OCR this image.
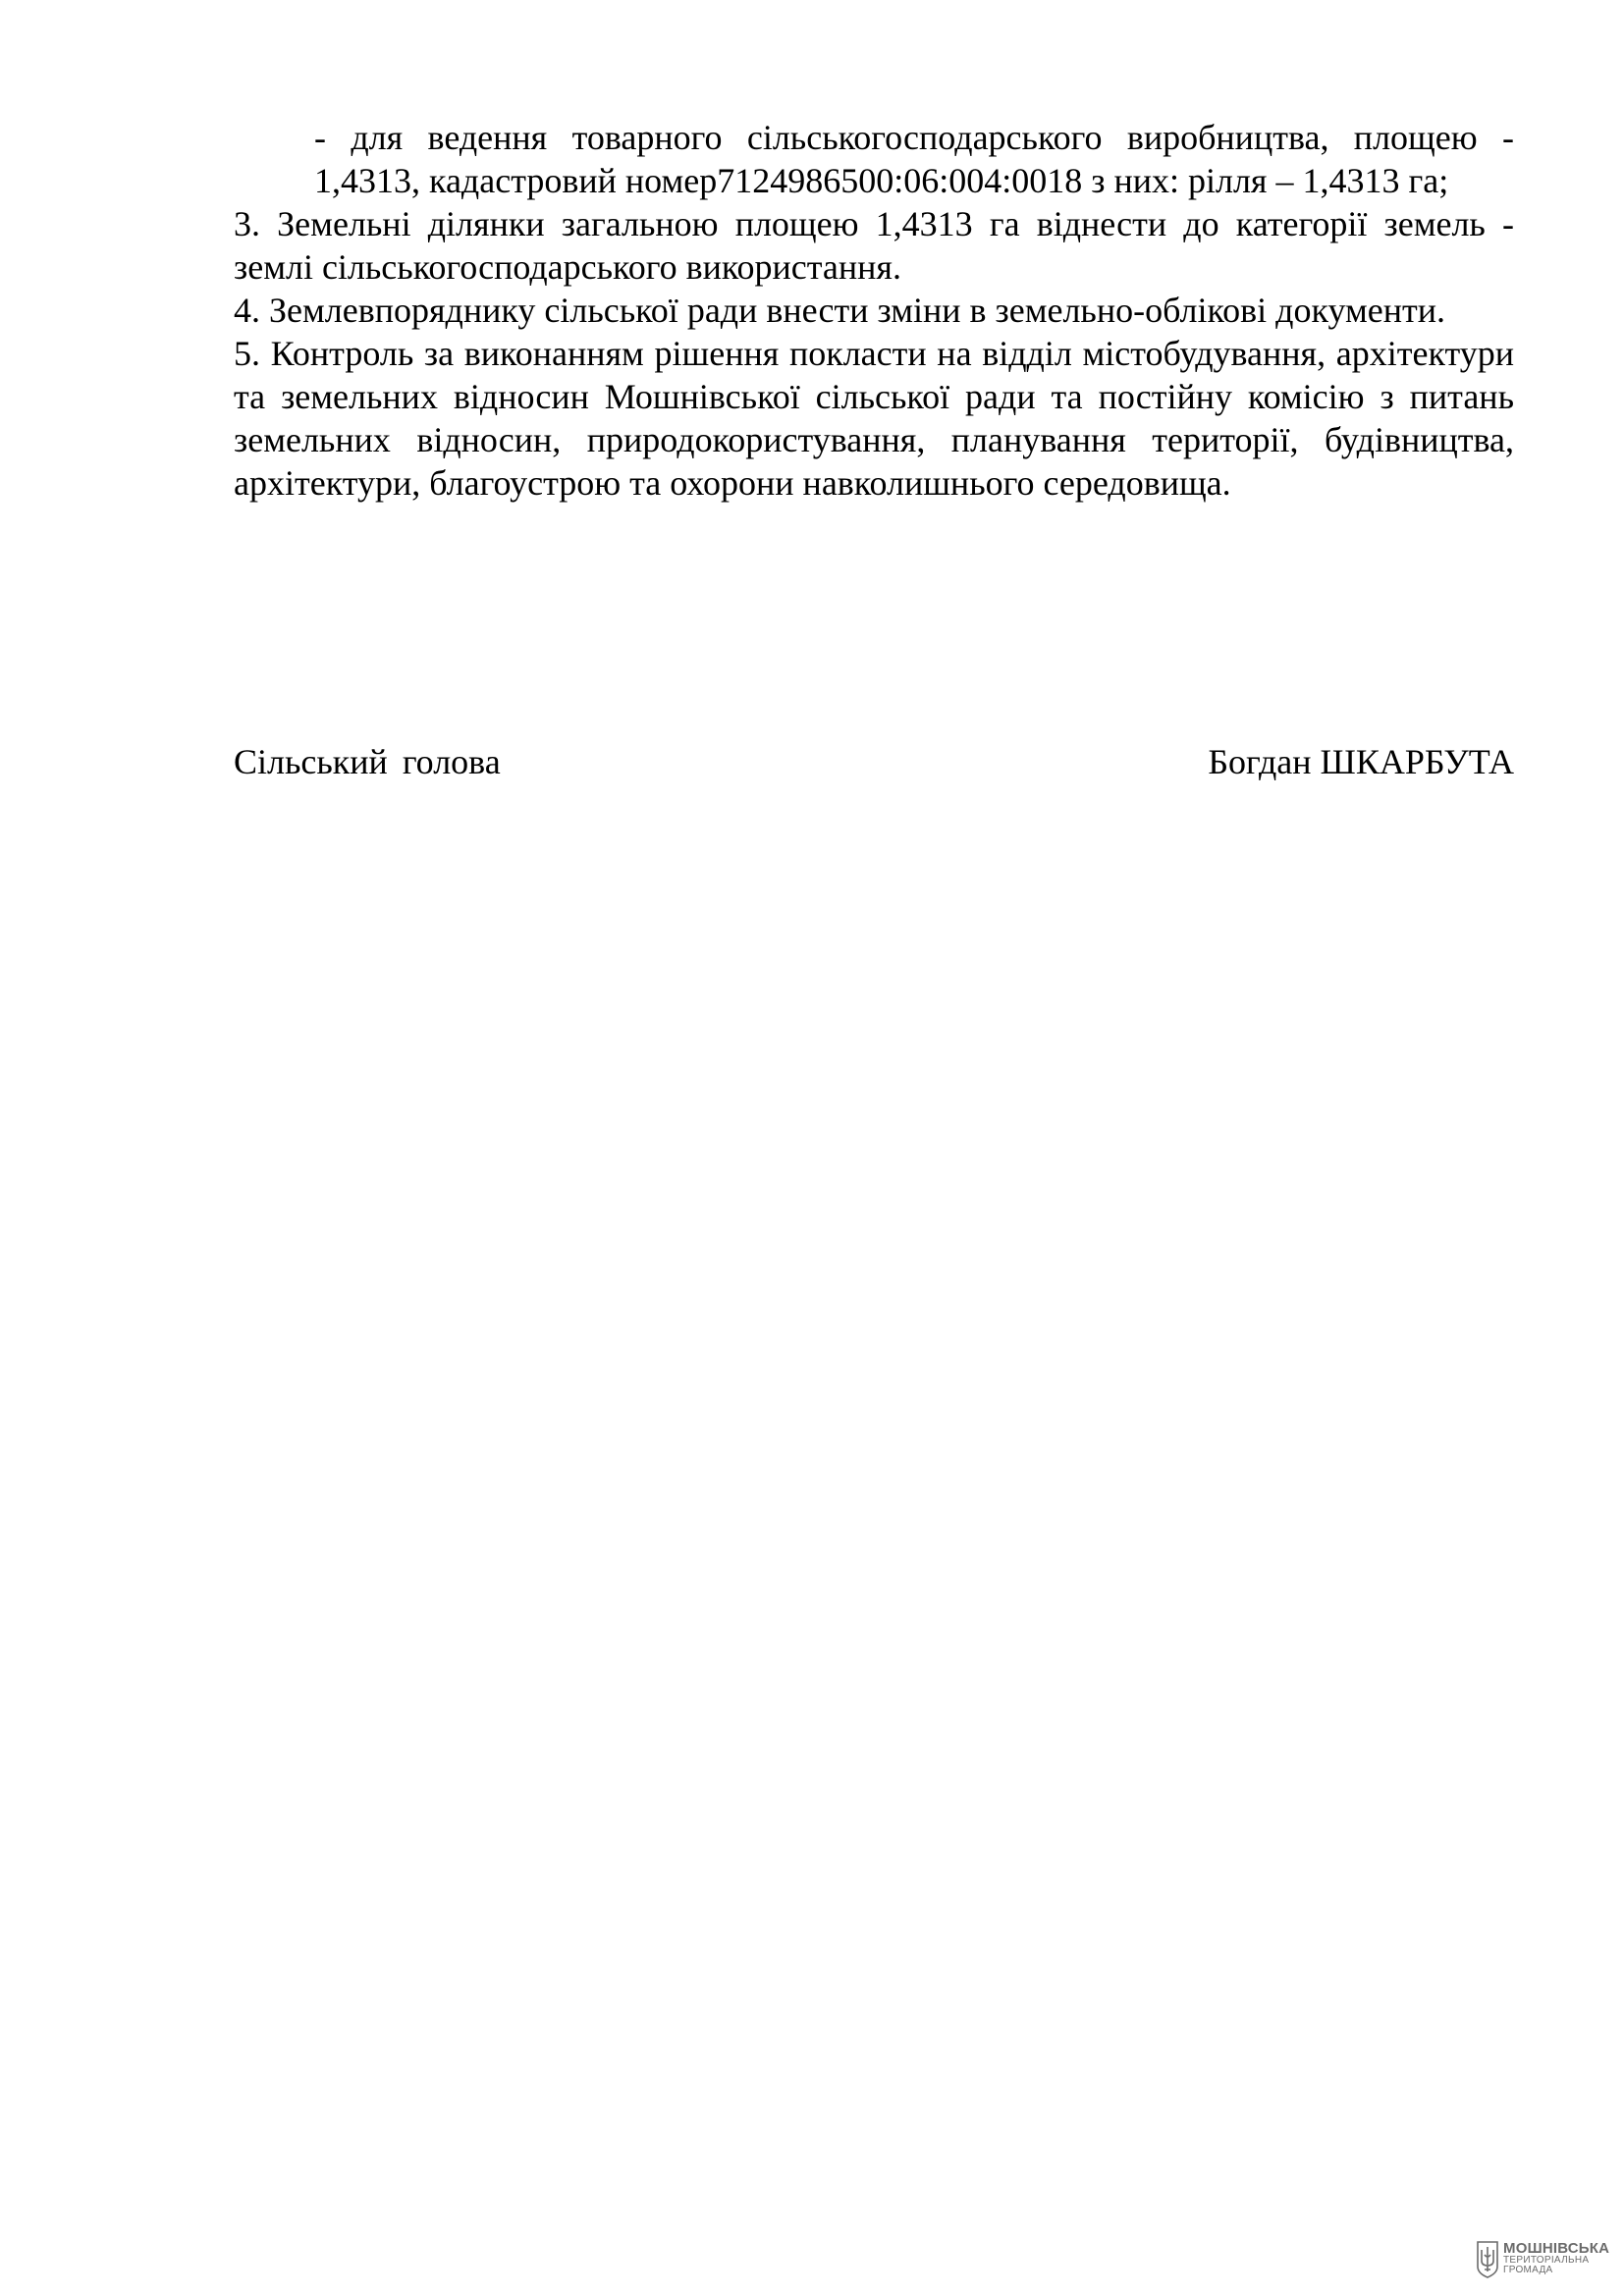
- для ведення товарного сільськогосподарського виробництва, площею - 1,4313, кадастровий номер7124986500:06:004:0018 з них: рілля – 1,4313 га;
3. Земельні ділянки загальною площею 1,4313 га віднести до категорії земель - землі сільськогосподарського використання.
4. Землевпоряднику сільської ради внести зміни в земельно-облікові документи.
5. Контроль за виконанням рішення покласти на відділ містобудування, архітектури та земельних відносин Мошнівської сільської ради та постійну комісію з питань земельних відносин, природокористування, планування території, будівництва, архітектури, благоустрою та охорони навколишнього середовища.
Сільський голова	Богдан ШКАРБУТА
МОШНІВСЬКА
ТЕРИТОРІАЛЬНА
ГРОМАДА
